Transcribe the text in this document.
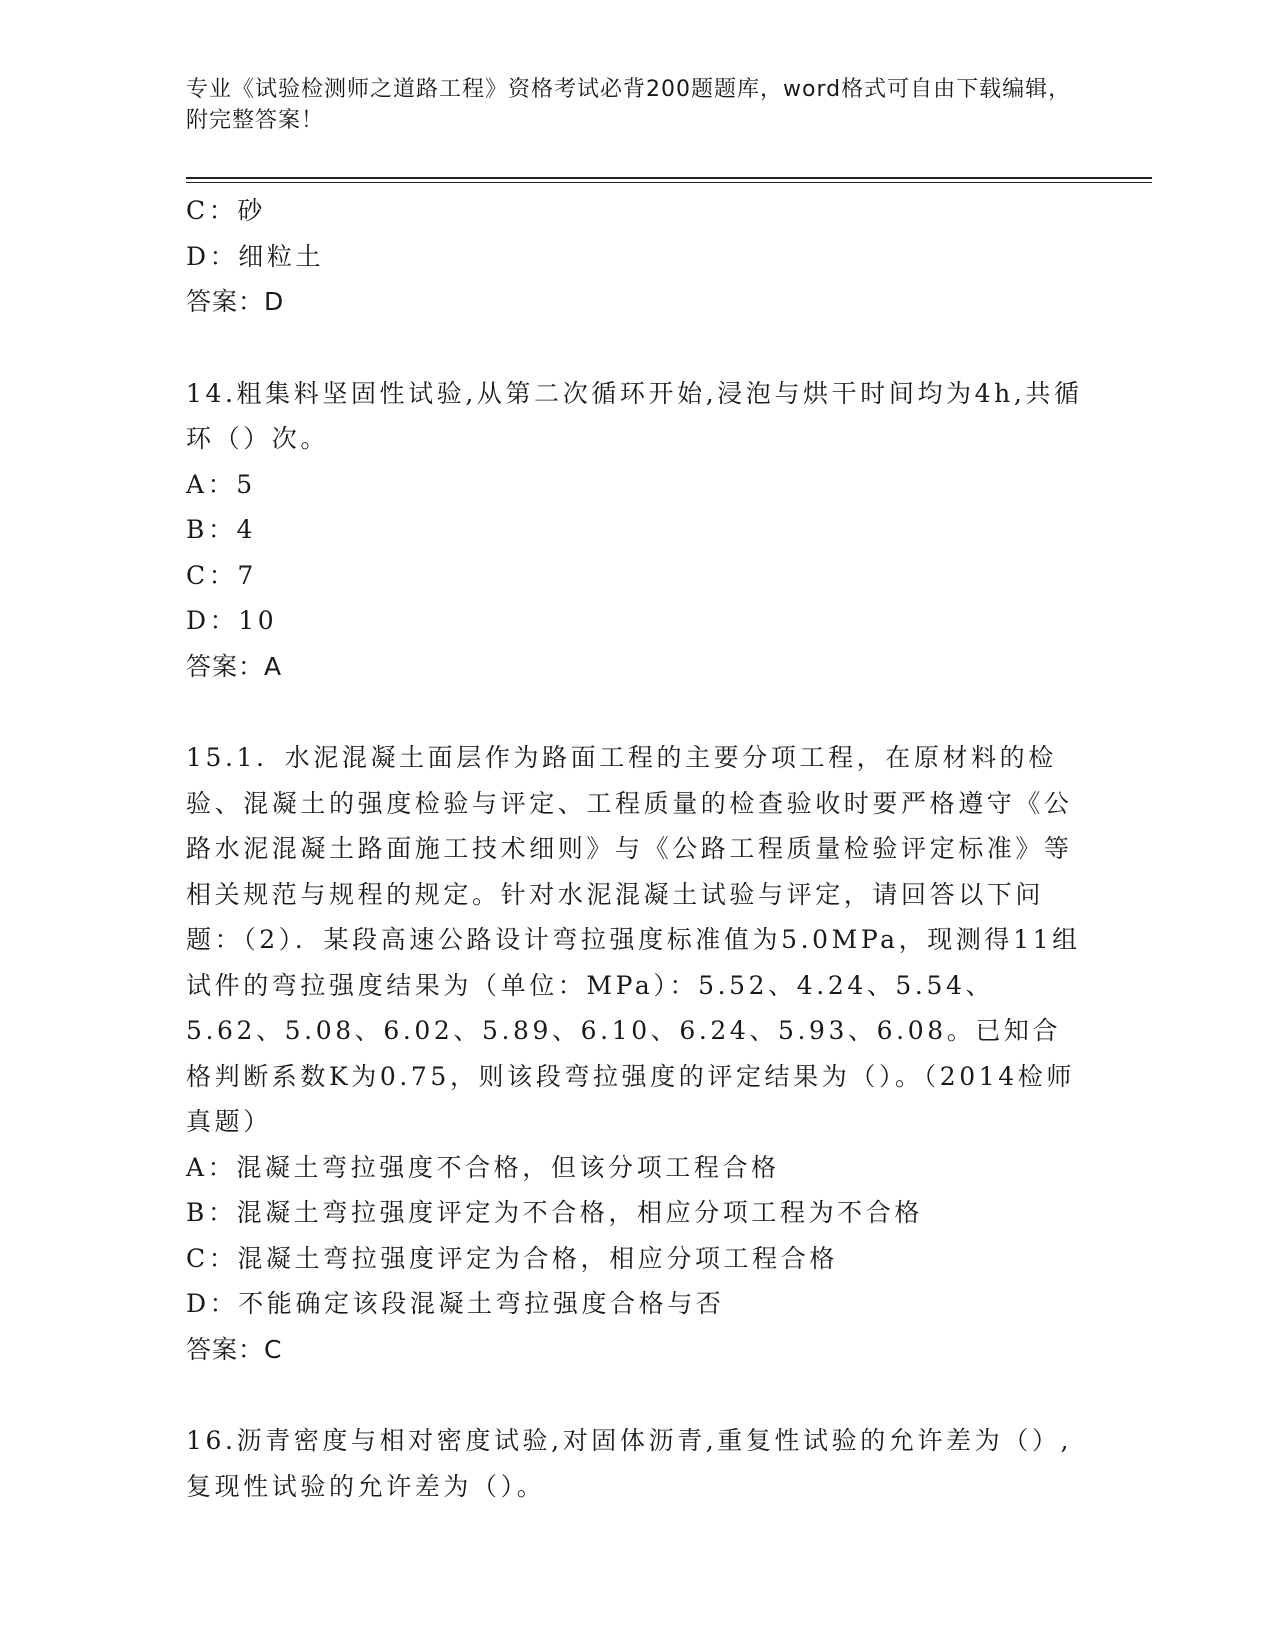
专业《试验检测师之道路工程》资格考试必背200题题库，word格式可自由下载编辑，附完整答案！

C：砂

D：细粒土

答案：D

14.粗集料坚固性试验,从第二次循环开始,浸泡与烘干时间均为4h,共循环（）次。

A：5

B：4

C：7

D：10

答案：A

15.1．水泥混凝土面层作为路面工程的主要分项工程，在原材料的检验、混凝土的强度检验与评定、工程质量的检查验收时要严格遵守《公路水泥混凝土路面施工技术细则》与《公路工程质量检验评定标准》等相关规范与规程的规定。针对水泥混凝土试验与评定，请回答以下问题：（2）．某段高速公路设计弯拉强度标准值为5.0MPa，现测得11组试件的弯拉强度结果为（单位：MPa）：5.52、4.24、5.54、5.62、5.08、6.02、5.89、6.10、6.24、5.93、6.08。已知合格判断系数K为0.75，则该段弯拉强度的评定结果为（）。（2014检师真题）

A：混凝土弯拉强度不合格，但该分项工程合格

B：混凝土弯拉强度评定为不合格，相应分项工程为不合格

C：混凝土弯拉强度评定为合格，相应分项工程合格

D：不能确定该段混凝土弯拉强度合格与否

答案：C

16.沥青密度与相对密度试验,对固体沥青,重复性试验的允许差为（）,复现性试验的允许差为（）。
